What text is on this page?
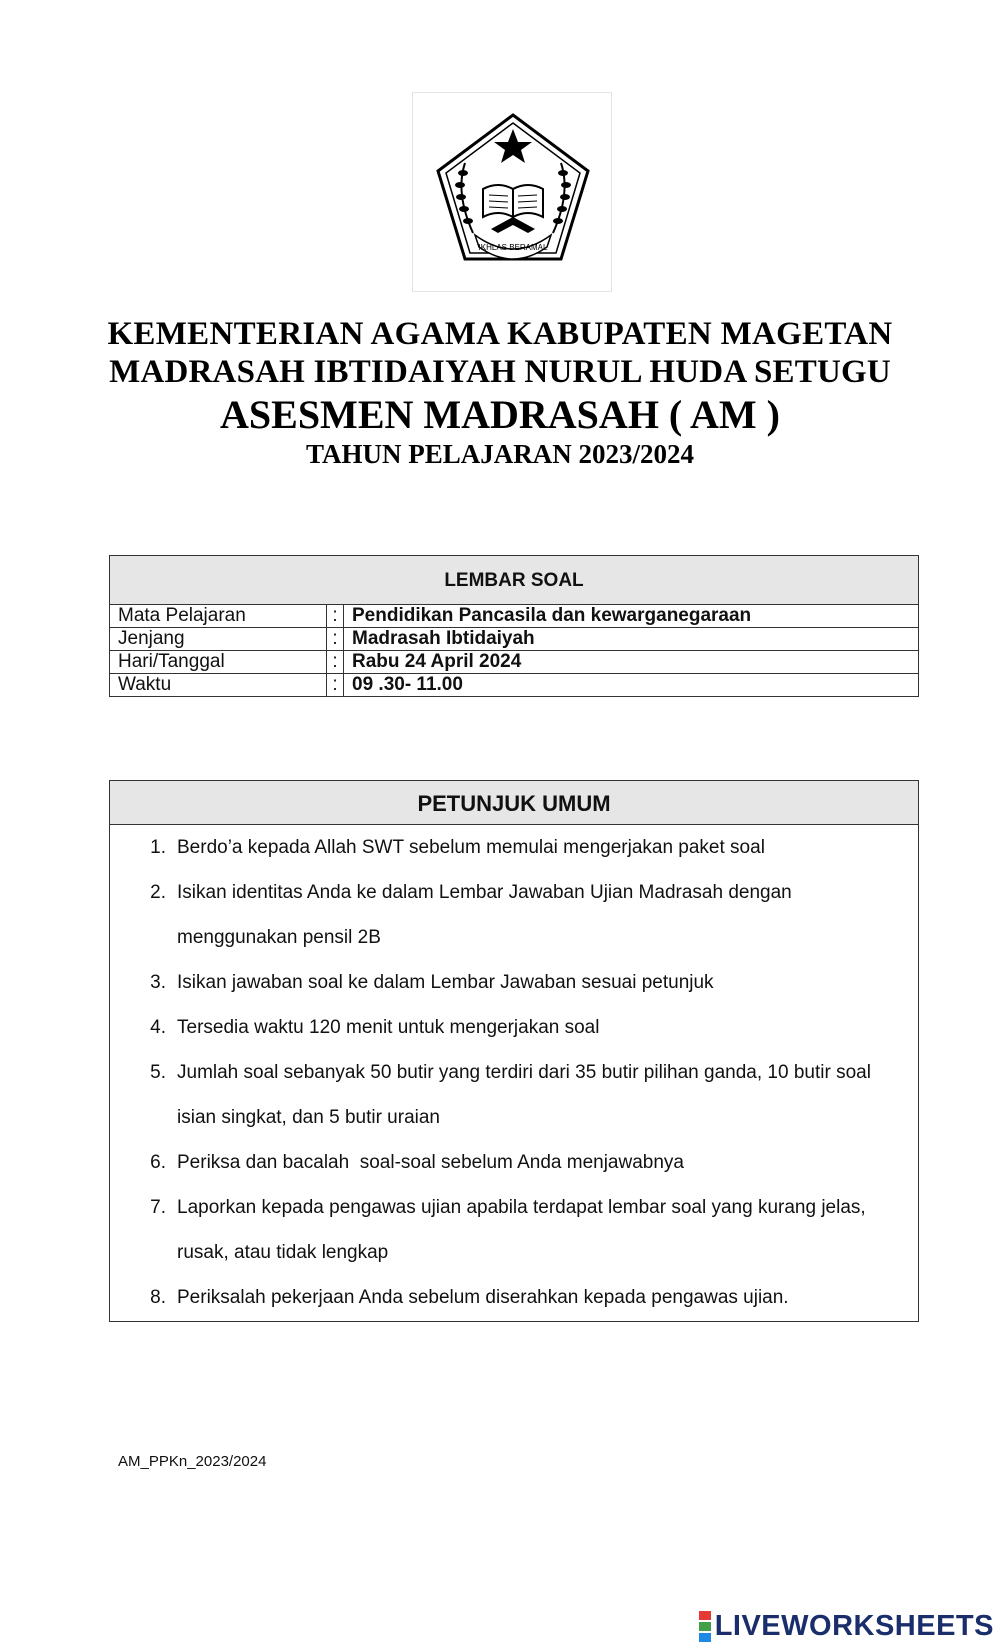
IKHLAS BERAMAL
KEMENTERIAN AGAMA KABUPATEN MAGETAN
MADRASAH IBTIDAIYAH NURUL HUDA SETUGU
ASESMEN MADRASAH ( AM )
TAHUN PELAJARAN 2023/2024
LEMBAR SOAL		
Mata Pelajaran	:	Pendidikan Pancasila dan kewarganegaraan
Jenjang	:	Madrasah Ibtidaiyah
Hari/Tanggal	:	Rabu 24 April 2024
Waktu	:	09 .30- 11.00
PETUNJUK UMUM
1. Berdo’a kepada Allah SWT sebelum memulai mengerjakan paket soal
2. Isikan identitas Anda ke dalam Lembar Jawaban Ujian Madrasah dengan
menggunakan pensil 2B
3. Isikan jawaban soal ke dalam Lembar Jawaban sesuai petunjuk
4. Tersedia waktu 120 menit untuk mengerjakan soal
5. Jumlah soal sebanyak 50 butir yang terdiri dari 35 butir pilihan ganda, 10 butir soal
isian singkat, dan 5 butir uraian
6. Periksa dan bacalah  soal-soal sebelum Anda menjawabnya
7. Laporkan kepada pengawas ujian apabila terdapat lembar soal yang kurang jelas,
rusak, atau tidak lengkap
8. Periksalah pekerjaan Anda sebelum diserahkan kepada pengawas ujian.
AM_PPKn_2023/2024
LIVEWORKSHEETS
